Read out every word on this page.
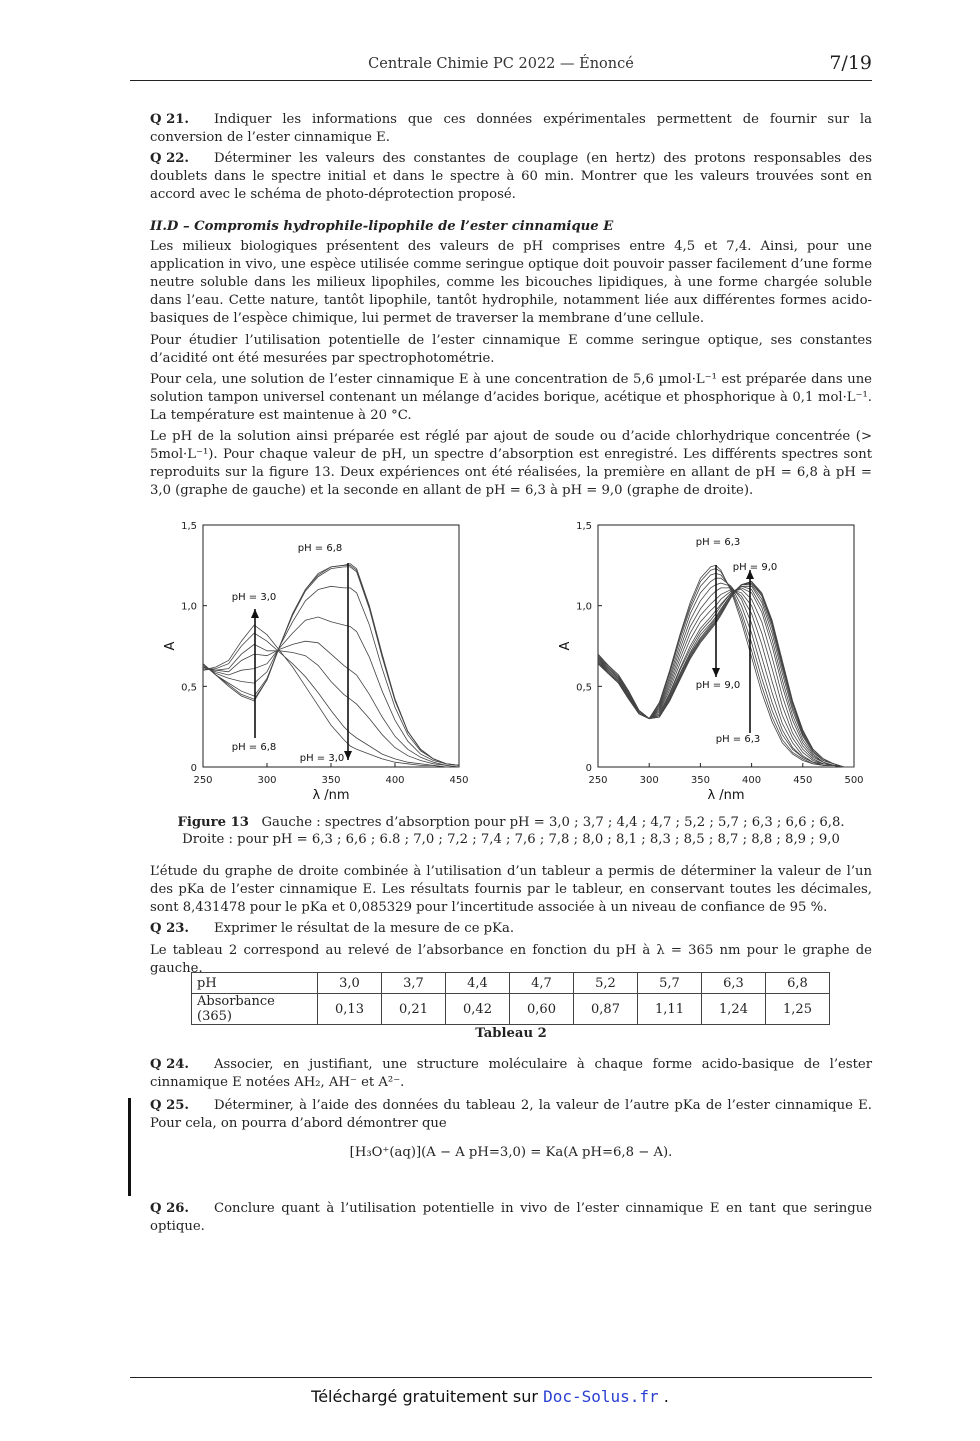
Centrale Chimie PC 2022 — Énoncé	7/19

Q 21. Indiquer les informations que ces données expérimentales permettent de fournir sur la conversion de l’ester cinnamique E.

Q 22. Déterminer les valeurs des constantes de couplage (en hertz) des protons responsables des doublets dans le spectre initial et dans le spectre à 60 min. Montrer que les valeurs trouvées sont en accord avec le schéma de photo-déprotection proposé.

II.D – Compromis hydrophile-lipophile de l’ester cinnamique E

Les milieux biologiques présentent des valeurs de pH comprises entre 4,5 et 7,4. Ainsi, pour une application in vivo, une espèce utilisée comme seringue optique doit pouvoir passer facilement d’une forme neutre soluble dans les milieux lipophiles, comme les bicouches lipidiques, à une forme chargée soluble dans l’eau. Cette nature, tantôt lipophile, tantôt hydrophile, notamment liée aux différentes formes acido-basiques de l’espèce chimique, lui permet de traverser la membrane d’une cellule.

Pour étudier l’utilisation potentielle de l’ester cinnamique E comme seringue optique, ses constantes d’acidité ont été mesurées par spectrophotométrie.

Pour cela, une solution de l’ester cinnamique E à une concentration de 5,6 µmol·L⁻¹ est préparée dans une solution tampon universel contenant un mélange d’acides borique, acétique et phosphorique à 0,1 mol·L⁻¹. La température est maintenue à 20 °C.

Le pH de la solution ainsi préparée est réglé par ajout de soude ou d’acide chlorhydrique concentrée (> 5mol·L⁻¹). Pour chaque valeur de pH, un spectre d’absorption est enregistré. Les différents spectres sont reproduits sur la figure 13. Deux expériences ont été réalisées, la première en allant de pH = 6,8 à pH = 3,0 (graphe de gauche) et la seconde en allant de pH = 6,3 à pH = 9,0 (graphe de droite).

250	300	350	400	450
0
0,5
1,0
1,5
λ /nm
A
pH = 6,8
pH = 3,0
pH = 6,8
pH = 3,0
250	300	350	400	450	500
0
0,5
1,0
1,5
λ /nm
A
pH = 6,3
pH = 9,0
pH = 9,0
pH = 6,3
Figure 13 Gauche : spectres d’absorption pour pH = 3,0 ; 3,7 ; 4,4 ; 4,7 ; 5,2 ; 5,7 ; 6,3 ; 6,6 ; 6,8.
Droite : pour pH = 6,3 ; 6,6 ; 6.8 ; 7,0 ; 7,2 ; 7,4 ; 7,6 ; 7,8 ; 8,0 ; 8,1 ; 8,3 ; 8,5 ; 8,7 ; 8,8 ; 8,9 ; 9,0

L’étude du graphe de droite combinée à l’utilisation d’un tableur a permis de déterminer la valeur de l’un des pKa de l’ester cinnamique E. Les résultats fournis par le tableur, en conservant toutes les décimales, sont 8,431478 pour le pKa et 0,085329 pour l’incertitude associée à un niveau de confiance de 95 %.

Q 23. Exprimer le résultat de la mesure de ce pKa.

Le tableau 2 correspond au relevé de l’absorbance en fonction du pH à λ = 365 nm pour le graphe de gauche.

pH	3,0	3,7	4,4	4,7	5,2	5,7	6,3	6,8
Absorbance (365)	0,13	0,21	0,42	0,60	0,87	1,11	1,24	1,25
Tableau 2

Q 24. Associer, en justifiant, une structure moléculaire à chaque forme acido-basique de l’ester cinnamique E notées AH₂, AH⁻ et A²⁻.

Q 25. Déterminer, à l’aide des données du tableau 2, la valeur de l’autre pKa de l’ester cinnamique E. Pour cela, on pourra d’abord démontrer que

[H₃O⁺(aq)](A − A pH=3,0) = Ka(A pH=6,8 − A).

Q 26. Conclure quant à l’utilisation potentielle in vivo de l’ester cinnamique E en tant que seringue optique.

Téléchargé gratuitement sur Doc-Solus.fr .
